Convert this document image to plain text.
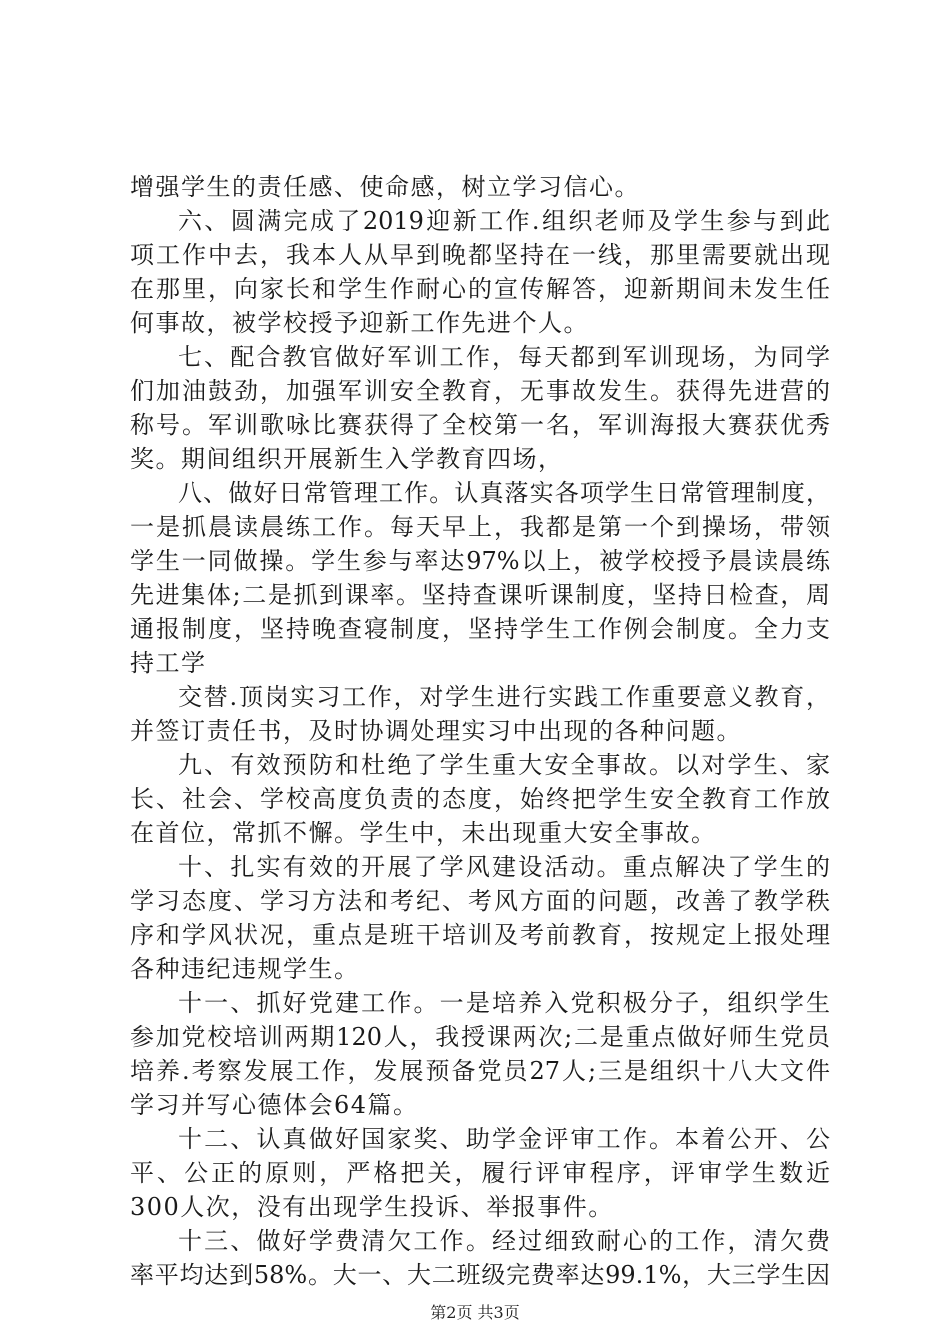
增强学生的责任感、使命感，树立学习信心。
六、圆满完成了2019迎新工作.组织老师及学生参与到此
项工作中去，我本人从早到晚都坚持在一线，那里需要就出现
在那里，向家长和学生作耐心的宣传解答，迎新期间未发生任
何事故，被学校授予迎新工作先进个人。
七、配合教官做好军训工作，每天都到军训现场，为同学
们加油鼓劲，加强军训安全教育，无事故发生。获得先进营的
称号。军训歌咏比赛获得了全校第一名，军训海报大赛获优秀
奖。期间组织开展新生入学教育四场，
八、做好日常管理工作。认真落实各项学生日常管理制度，
一是抓晨读晨练工作。每天早上，我都是第一个到操场，带领
学生一同做操。学生参与率达97%以上，被学校授予晨读晨练
先进集体;二是抓到课率。坚持查课听课制度，坚持日检查，周
通报制度，坚持晚查寝制度，坚持学生工作例会制度。全力支
持工学
交替.顶岗实习工作，对学生进行实践工作重要意义教育，
并签订责任书，及时协调处理实习中出现的各种问题。
九、有效预防和杜绝了学生重大安全事故。以对学生、家
长、社会、学校高度负责的态度，始终把学生安全教育工作放
在首位，常抓不懈。学生中，未出现重大安全事故。
十、扎实有效的开展了学风建设活动。重点解决了学生的
学习态度、学习方法和考纪、考风方面的问题，改善了教学秩
序和学风状况，重点是班干培训及考前教育，按规定上报处理
各种违纪违规学生。
十一、抓好党建工作。一是培养入党积极分子，组织学生
参加党校培训两期120人，我授课两次;二是重点做好师生党员
培养.考察发展工作，发展预备党员27人;三是组织十八大文件
学习并写心德体会64篇。
十二、认真做好国家奖、助学金评审工作。本着公开、公
平、公正的原则，严格把关，履行评审程序，评审学生数近
300人次，没有出现学生投诉、举报事件。
十三、做好学费清欠工作。经过细致耐心的工作，清欠费
率平均达到58%。大一、大二班级完费率达99.1%，大三学生因
第2页 共3页
